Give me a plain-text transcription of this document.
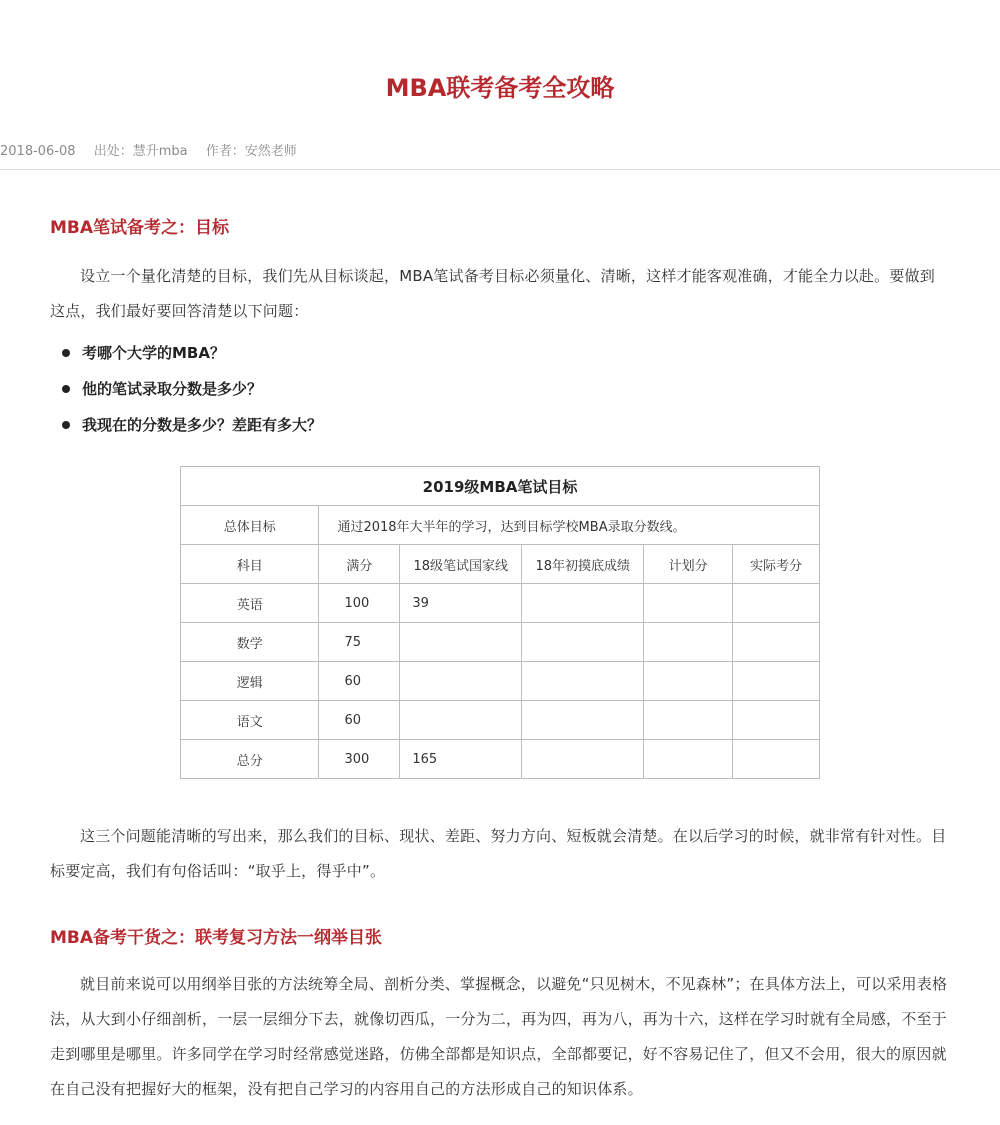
MBA联考备考全攻略
2018-06-08 出处：慧升mba 作者：安然老师
MBA笔试备考之：目标

设立一个量化清楚的目标，我们先从目标谈起，MBA笔试备考目标必须量化、清晰，这样才能客观准确，才能全力以赴。要做到这点，我们最好要回答清楚以下问题：

考哪个大学的MBA？
他的笔试录取分数是多少？
我现在的分数是多少？差距有多大？
2019级MBA笔试目标					
总体目标	通过2018年大半年的学习，达到目标学校MBA录取分数线。				
科目	满分	18级笔试国家线	18年初摸底成绩	计划分	实际考分
英语	100	39			
数学	75				
逻辑	60				
语文	60				
总分	300	165			

这三个问题能清晰的写出来，那么我们的目标、现状、差距、努力方向、短板就会清楚。在以后学习的时候，就非常有针对性。目标要定高，我们有句俗话叫：“取乎上，得乎中”。

MBA备考干货之：联考复习方法一纲举目张

就目前来说可以用纲举目张的方法统筹全局、剖析分类、掌握概念，以避免“只见树木，不见森林”；在具体方法上，可以采用表格法，从大到小仔细剖析，一层一层细分下去，就像切西瓜，一分为二，再为四，再为八，再为十六，这样在学习时就有全局感，不至于走到哪里是哪里。许多同学在学习时经常感觉迷路，仿佛全部都是知识点，全部都要记，好不容易记住了，但又不会用，很大的原因就在自己没有把握好大的框架，没有把自己学习的内容用自己的方法形成自己的知识体系。
